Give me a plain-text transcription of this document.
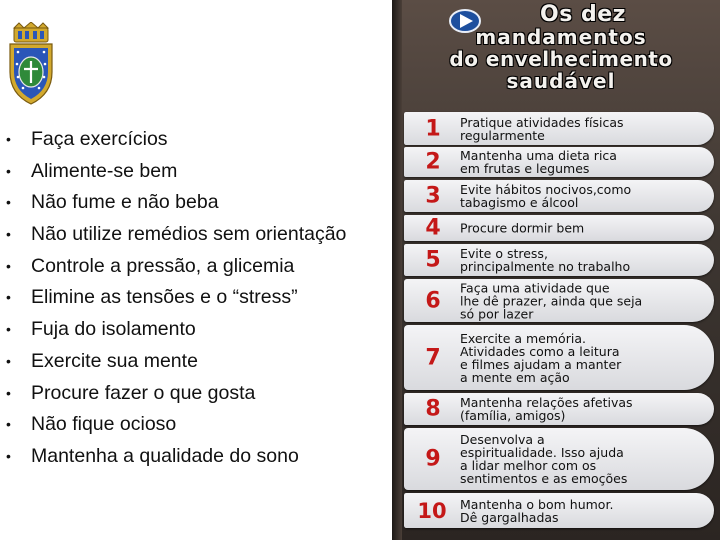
• Faça exercícios
• Alimente-se bem
• Não fume e não beba
• Não utilize remédios sem orientação
• Controle a pressão, a glicemia
• Elimine as tensões e o “stress”
• Fuja do isolamento
• Exercite sua mente
• Procure fazer o que gosta
• Não fique ocioso
• Mantenha a qualidade do sono
Os dez
mandamentos
do envelhecimento
saudável
1	Pratique atividades físicas
regularmente
2	Mantenha uma dieta rica
em frutas e legumes
3	Evite hábitos nocivos,como
tabagismo e álcool
4	Procure dormir bem
5	Evite o stress,
principalmente no trabalho
6
Faça uma atividade que
lhe dê prazer, ainda que seja
só por lazer
7
Exercite a memória.
Atividades como a leitura
e filmes ajudam a manter
a mente em ação
8	Mantenha relações afetivas
(família, amigos)
9
Desenvolva a
espiritualidade. Isso ajuda
a lidar melhor com os
sentimentos e as emoções
10	Mantenha o bom humor.
Dê gargalhadas
